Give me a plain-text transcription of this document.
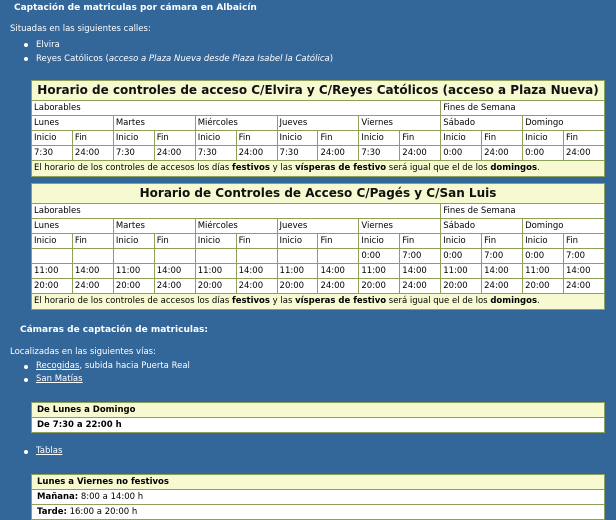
Captación de matriculas por cámara en Albaicín
Situadas en las siguientes calles:
Elvira
Reyes Católicos (acceso a Plaza Nueva desde Plaza Isabel la Católica)
Horario de controles de acceso C/Elvira y C/Reyes Católicos (acceso a Plaza Nueva)													
Laborables										Fines de Semana			
Lunes		Martes		Miércoles		Jueves		Viernes		Sábado		Domingo	
Inicio	Fin	Inicio	Fin	Inicio	Fin	Inicio	Fin	Inicio	Fin	Inicio	Fin	Inicio	Fin
7:30	24:00	7:30	24:00	7:30	24:00	7:30	24:00	7:30	24:00	0:00	24:00	0:00	24:00
El horario de los controles de accesos los días festivos y las vísperas de festivo será igual que el de los domingos.													
Horario de Controles de Acceso C/Pagés y C/San Luis													
Laborables										Fines de Semana			
Lunes		Martes		Miércoles		Jueves		Viernes		Sábado		Domingo	
Inicio	Fin	Inicio	Fin	Inicio	Fin	Inicio	Fin	Inicio	Fin	Inicio	Fin	Inicio	Fin
								0:00	7:00	0:00	7:00	0:00	7:00
11:00	14:00	11:00	14:00	11:00	14:00	11:00	14:00	11:00	14:00	11:00	14:00	11:00	14:00
20:00	24:00	20:00	24:00	20:00	24:00	20:00	24:00	20:00	24:00	20:00	24:00	20:00	24:00
El horario de los controles de accesos los días festivos y las vísperas de festivo será igual que el de los domingos.													
Cámaras de captación de matriculas:
Localizadas en las siguientes vías:
Recogidas, subida hacia Puerta Real
San Matías
De Lunes a Domingo
De 7:30 a 22:00 h
Tablas
Lunes a Viernes no festivos
Mañana: 8:00 a 14:00 h
Tarde: 16:00 a 20:00 h
